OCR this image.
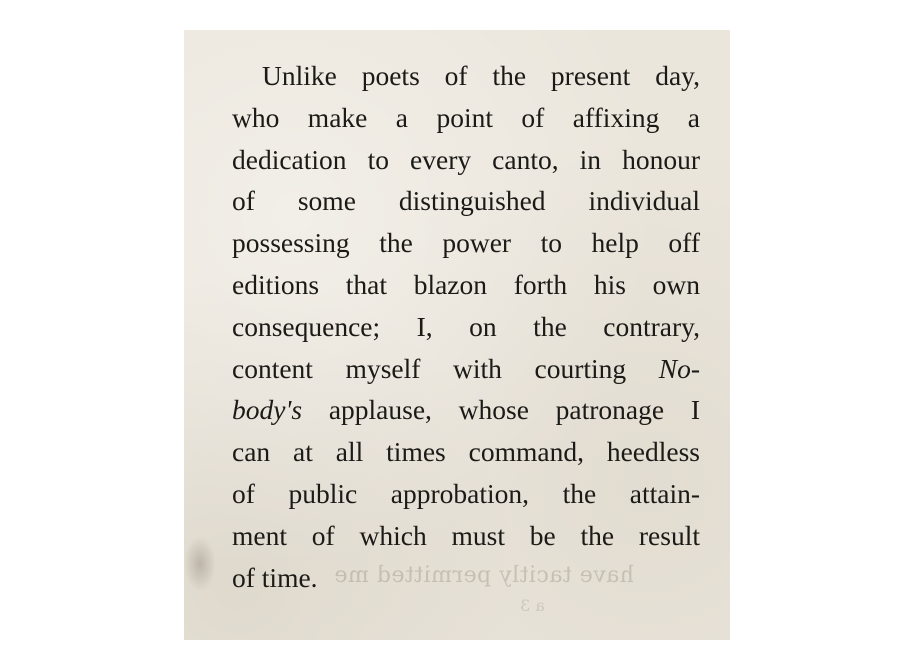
have tacitly permitted me
a 3

Unlike poets of the present day,
who make a point of affixing a
dedication to every canto, in honour
of some distinguished individual
possessing the power to help off
editions that blazon forth his own
consequence; I, on the contrary,
content myself with courting No-
body's applause, whose patronage I
can at all times command, heedless
of public approbation, the attain-
ment of which must be the result
of time.
